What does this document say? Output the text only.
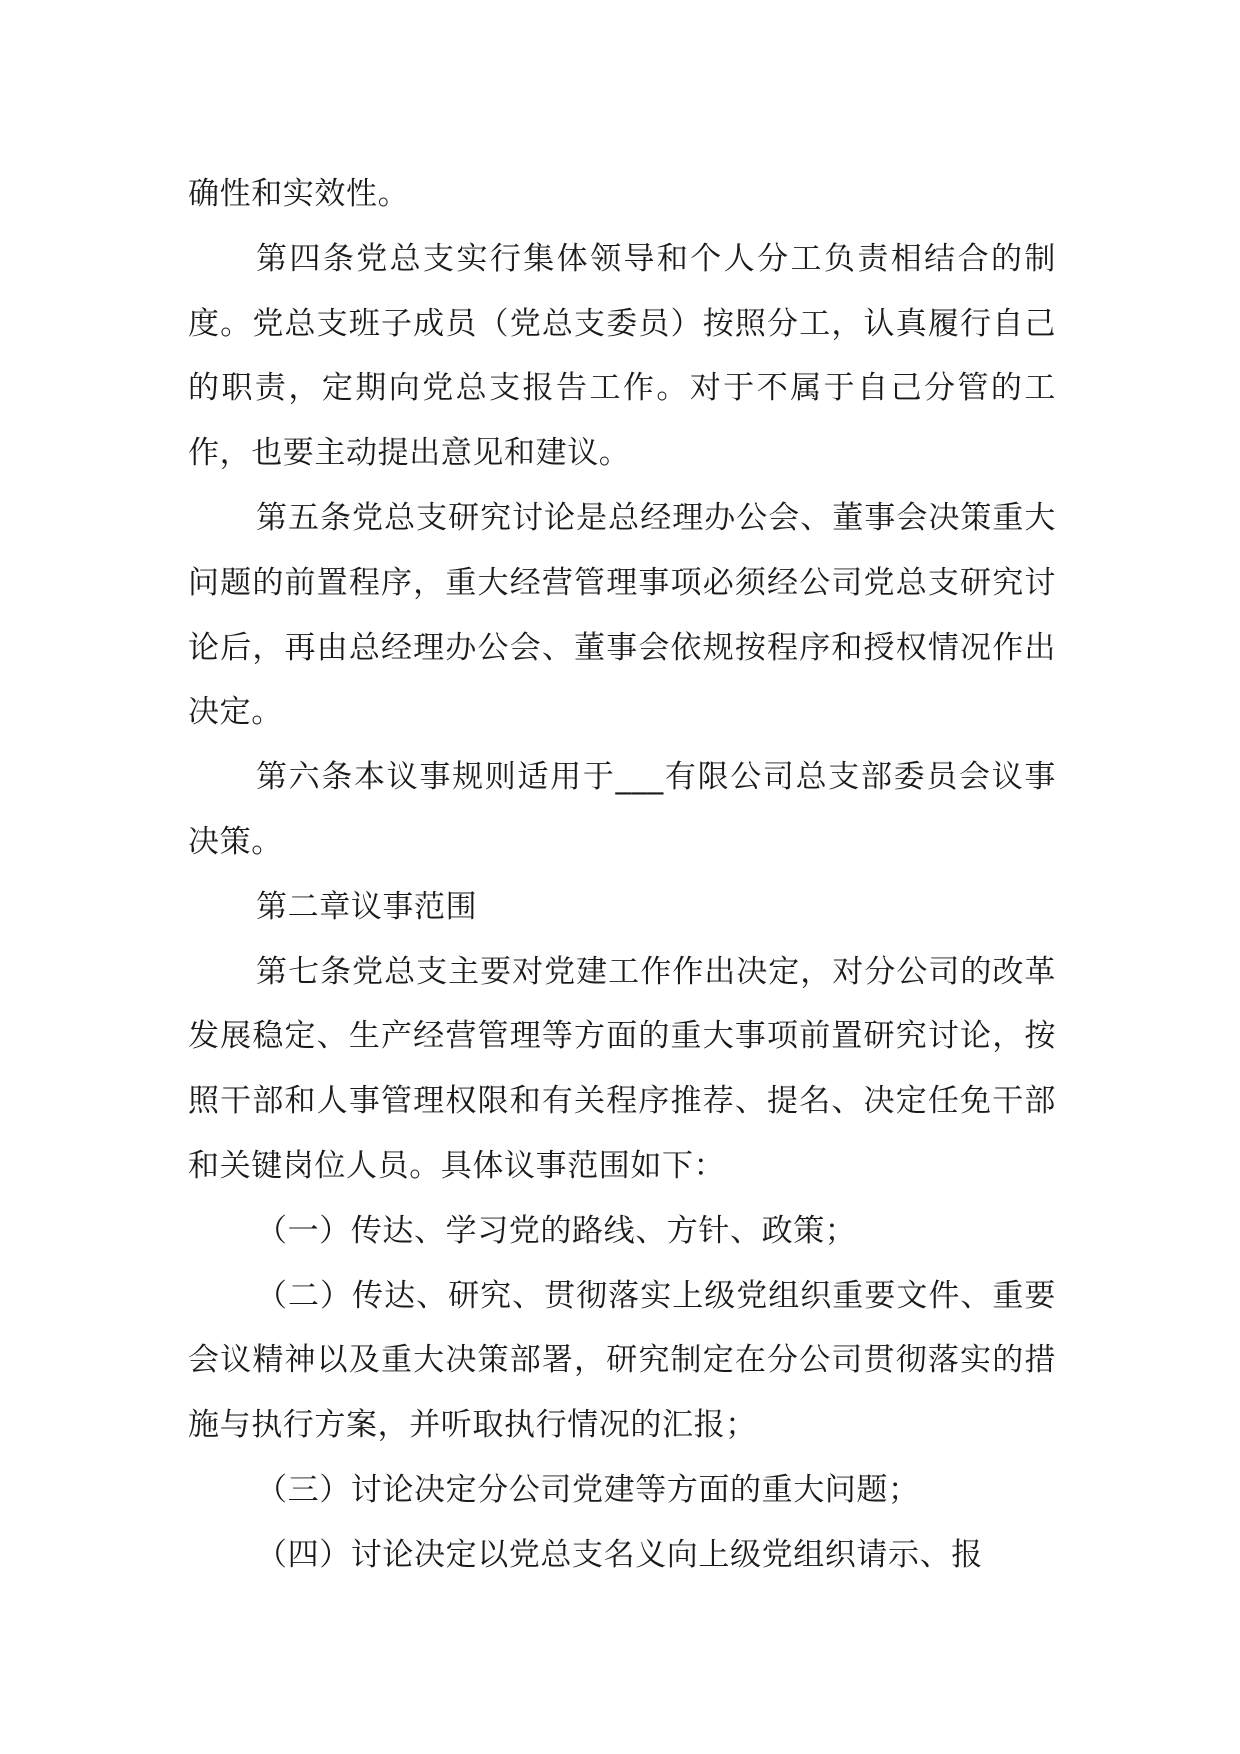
确性和实效性。

第四条党总支实行集体领导和个人分工负责相结合的制度。党总支班子成员（党总支委员）按照分工，认真履行自己的职责，定期向党总支报告工作。对于不属于自己分管的工作，也要主动提出意见和建议。

第五条党总支研究讨论是总经理办公会、董事会决策重大问题的前置程序，重大经营管理事项必须经公司党总支研究讨论后，再由总经理办公会、董事会依规按程序和授权情况作出决定。

第六条本议事规则适用于___有限公司总支部委员会议事决策。

第二章议事范围

第七条党总支主要对党建工作作出决定，对分公司的改革发展稳定、生产经营管理等方面的重大事项前置研究讨论，按照干部和人事管理权限和有关程序推荐、提名、决定任免干部和关键岗位人员。具体议事范围如下：

（一）传达、学习党的路线、方针、政策；

（二）传达、研究、贯彻落实上级党组织重要文件、重要会议精神以及重大决策部署，研究制定在分公司贯彻落实的措施与执行方案，并听取执行情况的汇报；

（三）讨论决定分公司党建等方面的重大问题；

（四）讨论决定以党总支名义向上级党组织请示、报
